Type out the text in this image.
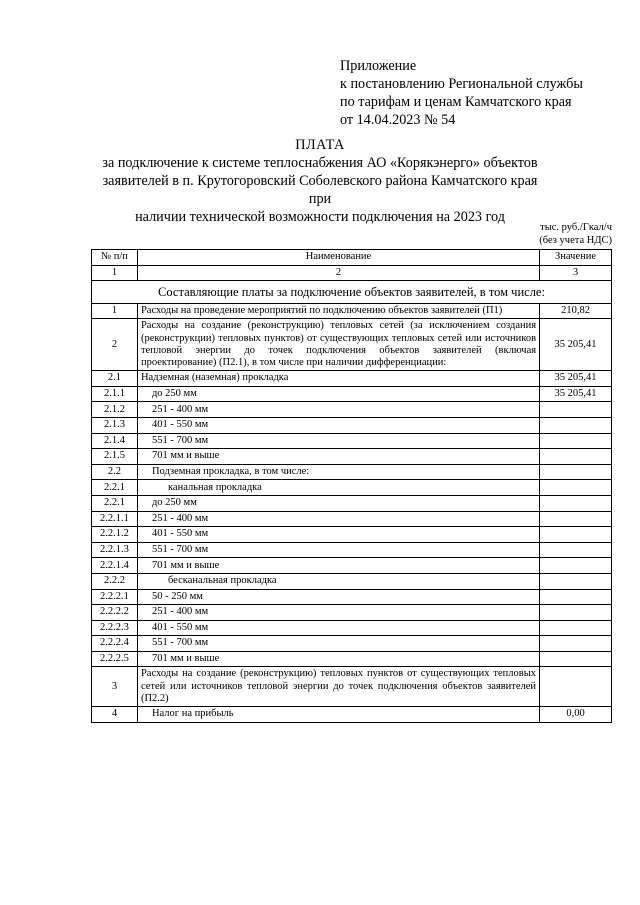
Приложение
к постановлению Региональной службы
по тарифам и ценам Камчатского края
от 14.04.2023 № 54
ПЛАТА
за подключение к системе теплоснабжения АО «Корякэнерго» объектов
заявителей в п. Крутогоровский Соболевского района Камчатского края при
наличии технической возможности подключения на 2023 год
тыс. руб./Гкал/ч
(без учета НДС)
№ п/п	Наименование	Значение
1	2	3
Составляющие платы за подключение объектов заявителей, в том числе:		
1	Расходы на проведение мероприятий по подключению объектов заявителей (П1)	210,82
2	Расходы на создание (реконструкцию) тепловых сетей (за исключением создания (реконструкции) тепловых пунктов) от существующих тепловых сетей или источников тепловой энергии до точек подключения объектов заявителей (включая проектирование) (П2.1), в том числе при наличии дифференциации:	35 205,41
2.1	Надземная (наземная) прокладка	35 205,41
2.1.1	до 250 мм	35 205,41
2.1.2	251 - 400 мм	
2.1.3	401 - 550 мм	
2.1.4	551 - 700 мм	
2.1.5	701 мм и выше	
2.2	Подземная прокладка, в том числе:	
2.2.1	канальная прокладка	
2.2.1	до 250 мм	
2.2.1.1	251 - 400 мм	
2.2.1.2	401 - 550 мм	
2.2.1.3	551 - 700 мм	
2.2.1.4	701 мм и выше	
2.2.2	бесканальная прокладка	
2.2.2.1	50 - 250 мм	
2.2.2.2	251 - 400 мм	
2.2.2.3	401 - 550 мм	
2.2.2.4	551 - 700 мм	
2.2.2.5	701 мм и выше	
3	Расходы на создание (реконструкцию) тепловых пунктов от существующих тепловых сетей или источников тепловой энергии до точек подключения объектов заявителей (П2.2)	
4	Налог на прибыль	0,00
